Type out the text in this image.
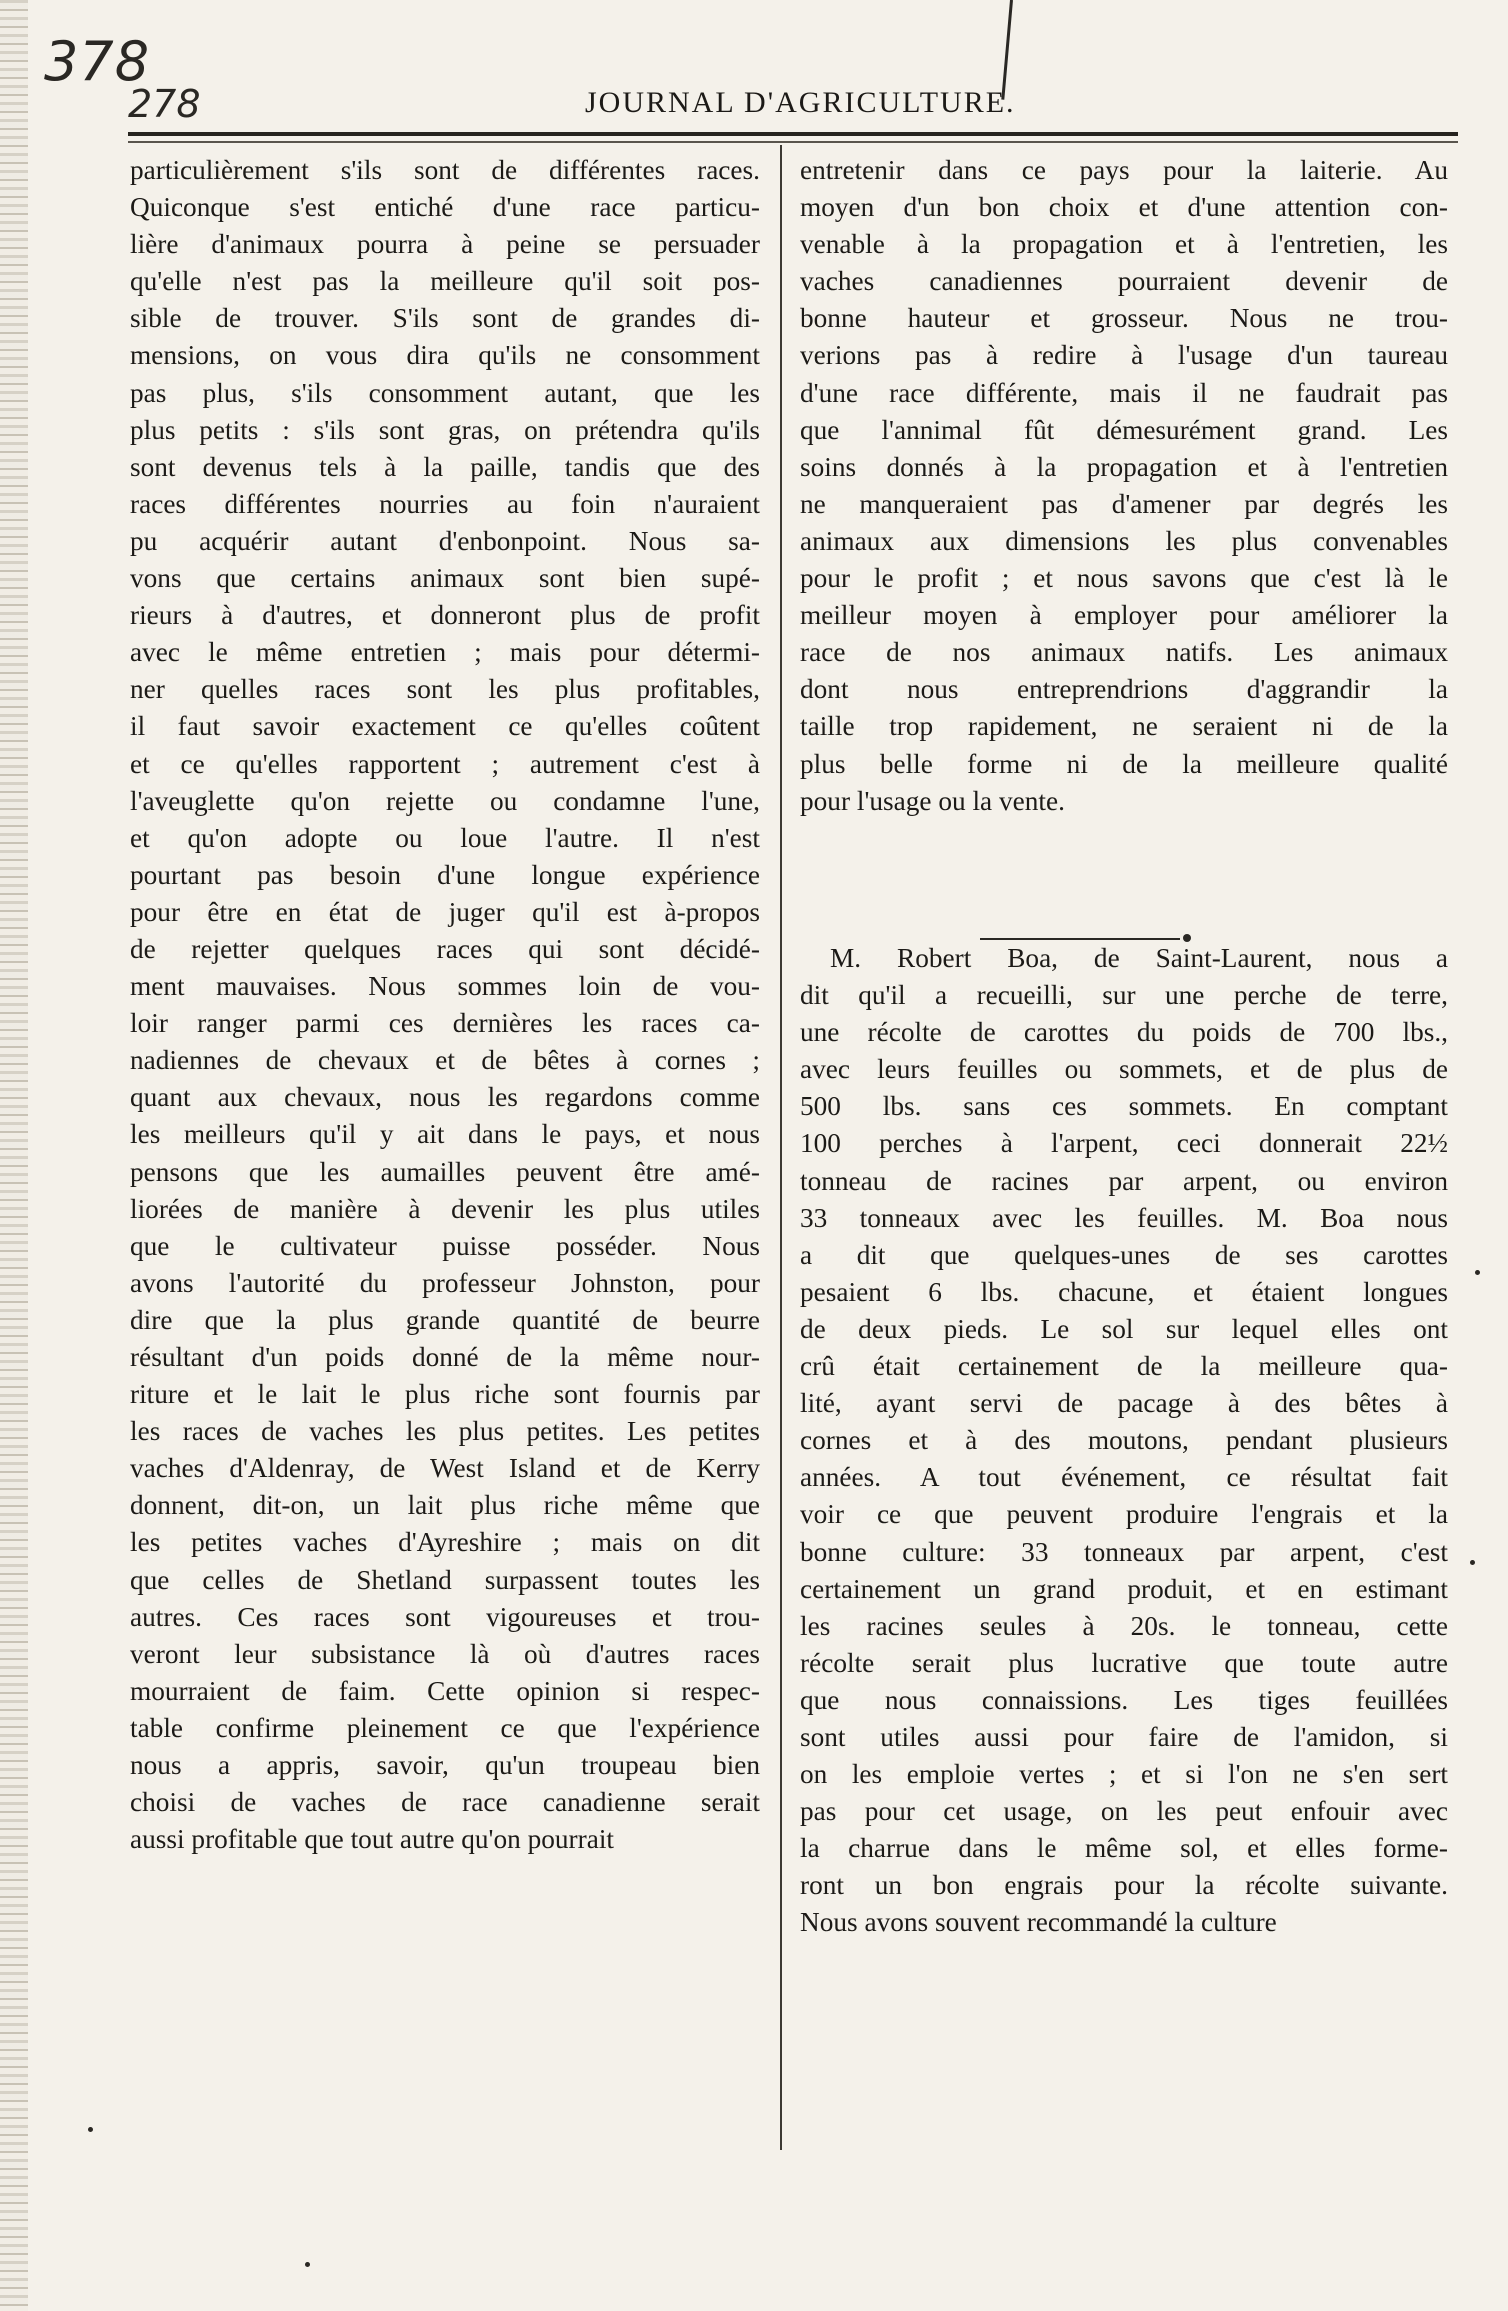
378
278	JOURNAL D'AGRICULTURE.
particulièrement s'ils sont de différentes races.
Quiconque s'est entiché d'une race particu-
lière d'animaux pourra à peine se persuader
qu'elle n'est pas la meilleure qu'il soit pos-
sible de trouver. S'ils sont de grandes di-
mensions, on vous dira qu'ils ne consomment
pas plus, s'ils consomment autant, que les
plus petits : s'ils sont gras, on prétendra qu'ils
sont devenus tels à la paille, tandis que des
races différentes nourries au foin n'auraient
pu acquérir autant d'enbonpoint. Nous sa-
vons que certains animaux sont bien supé-
rieurs à d'autres, et donneront plus de profit
avec le même entretien ; mais pour détermi-
ner quelles races sont les plus profitables,
il faut savoir exactement ce qu'elles coûtent
et ce qu'elles rapportent ; autrement c'est à
l'aveuglette qu'on rejette ou condamne l'une,
et qu'on adopte ou loue l'autre. Il n'est
pourtant pas besoin d'une longue expérience
pour être en état de juger qu'il est à-propos
de rejetter quelques races qui sont décidé-
ment mauvaises. Nous sommes loin de vou-
loir ranger parmi ces dernières les races ca-
nadiennes de chevaux et de bêtes à cornes ;
quant aux chevaux, nous les regardons comme
les meilleurs qu'il y ait dans le pays, et nous
pensons que les aumailles peuvent être amé-
liorées de manière à devenir les plus utiles
que le cultivateur puisse posséder. Nous
avons l'autorité du professeur Johnston, pour
dire que la plus grande quantité de beurre
résultant d'un poids donné de la même nour-
riture et le lait le plus riche sont fournis par
les races de vaches les plus petites. Les petites
vaches d'Aldenray, de West Island et de Kerry
donnent, dit-on, un lait plus riche même que
les petites vaches d'Ayreshire ; mais on dit
que celles de Shetland surpassent toutes les
autres. Ces races sont vigoureuses et trou-
veront leur subsistance là où d'autres races
mourraient de faim. Cette opinion si respec-
table confirme pleinement ce que l'expérience
nous a appris, savoir, qu'un troupeau bien
choisi de vaches de race canadienne serait
aussi profitable que tout autre qu'on pourrait
entretenir dans ce pays pour la laiterie. Au
moyen d'un bon choix et d'une attention con-
venable à la propagation et à l'entretien, les
vaches canadiennes pourraient devenir de
bonne hauteur et grosseur. Nous ne trou-
verions pas à redire à l'usage d'un taureau
d'une race différente, mais il ne faudrait pas
que l'annimal fût démesurément grand. Les
soins donnés à la propagation et à l'entretien
ne manqueraient pas d'amener par degrés les
animaux aux dimensions les plus convenables
pour le profit ; et nous savons que c'est là le
meilleur moyen à employer pour améliorer la
race de nos animaux natifs. Les animaux
dont nous entreprendrions d'aggrandir la
taille trop rapidement, ne seraient ni de la
plus belle forme ni de la meilleure qualité
pour l'usage ou la vente.
M. Robert Boa, de Saint-Laurent, nous a
dit qu'il a recueilli, sur une perche de terre,
une récolte de carottes du poids de 700 lbs.,
avec leurs feuilles ou sommets, et de plus de
500 lbs. sans ces sommets. En comptant
100 perches à l'arpent, ceci donnerait 22½
tonneau de racines par arpent, ou environ
33 tonneaux avec les feuilles. M. Boa nous
a dit que quelques-unes de ses carottes
pesaient 6 lbs. chacune, et étaient longues
de deux pieds. Le sol sur lequel elles ont
crû était certainement de la meilleure qua-
lité, ayant servi de pacage à des bêtes à
cornes et à des moutons, pendant plusieurs
années. A tout événement, ce résultat fait
voir ce que peuvent produire l'engrais et la
bonne culture: 33 tonneaux par arpent, c'est
certainement un grand produit, et en estimant
les racines seules à 20s. le tonneau, cette
récolte serait plus lucrative que toute autre
que nous connaissions. Les tiges feuillées
sont utiles aussi pour faire de l'amidon, si
on les emploie vertes ; et si l'on ne s'en sert
pas pour cet usage, on les peut enfouir avec
la charrue dans le même sol, et elles forme-
ront un bon engrais pour la récolte suivante.
Nous avons souvent recommandé la culture
